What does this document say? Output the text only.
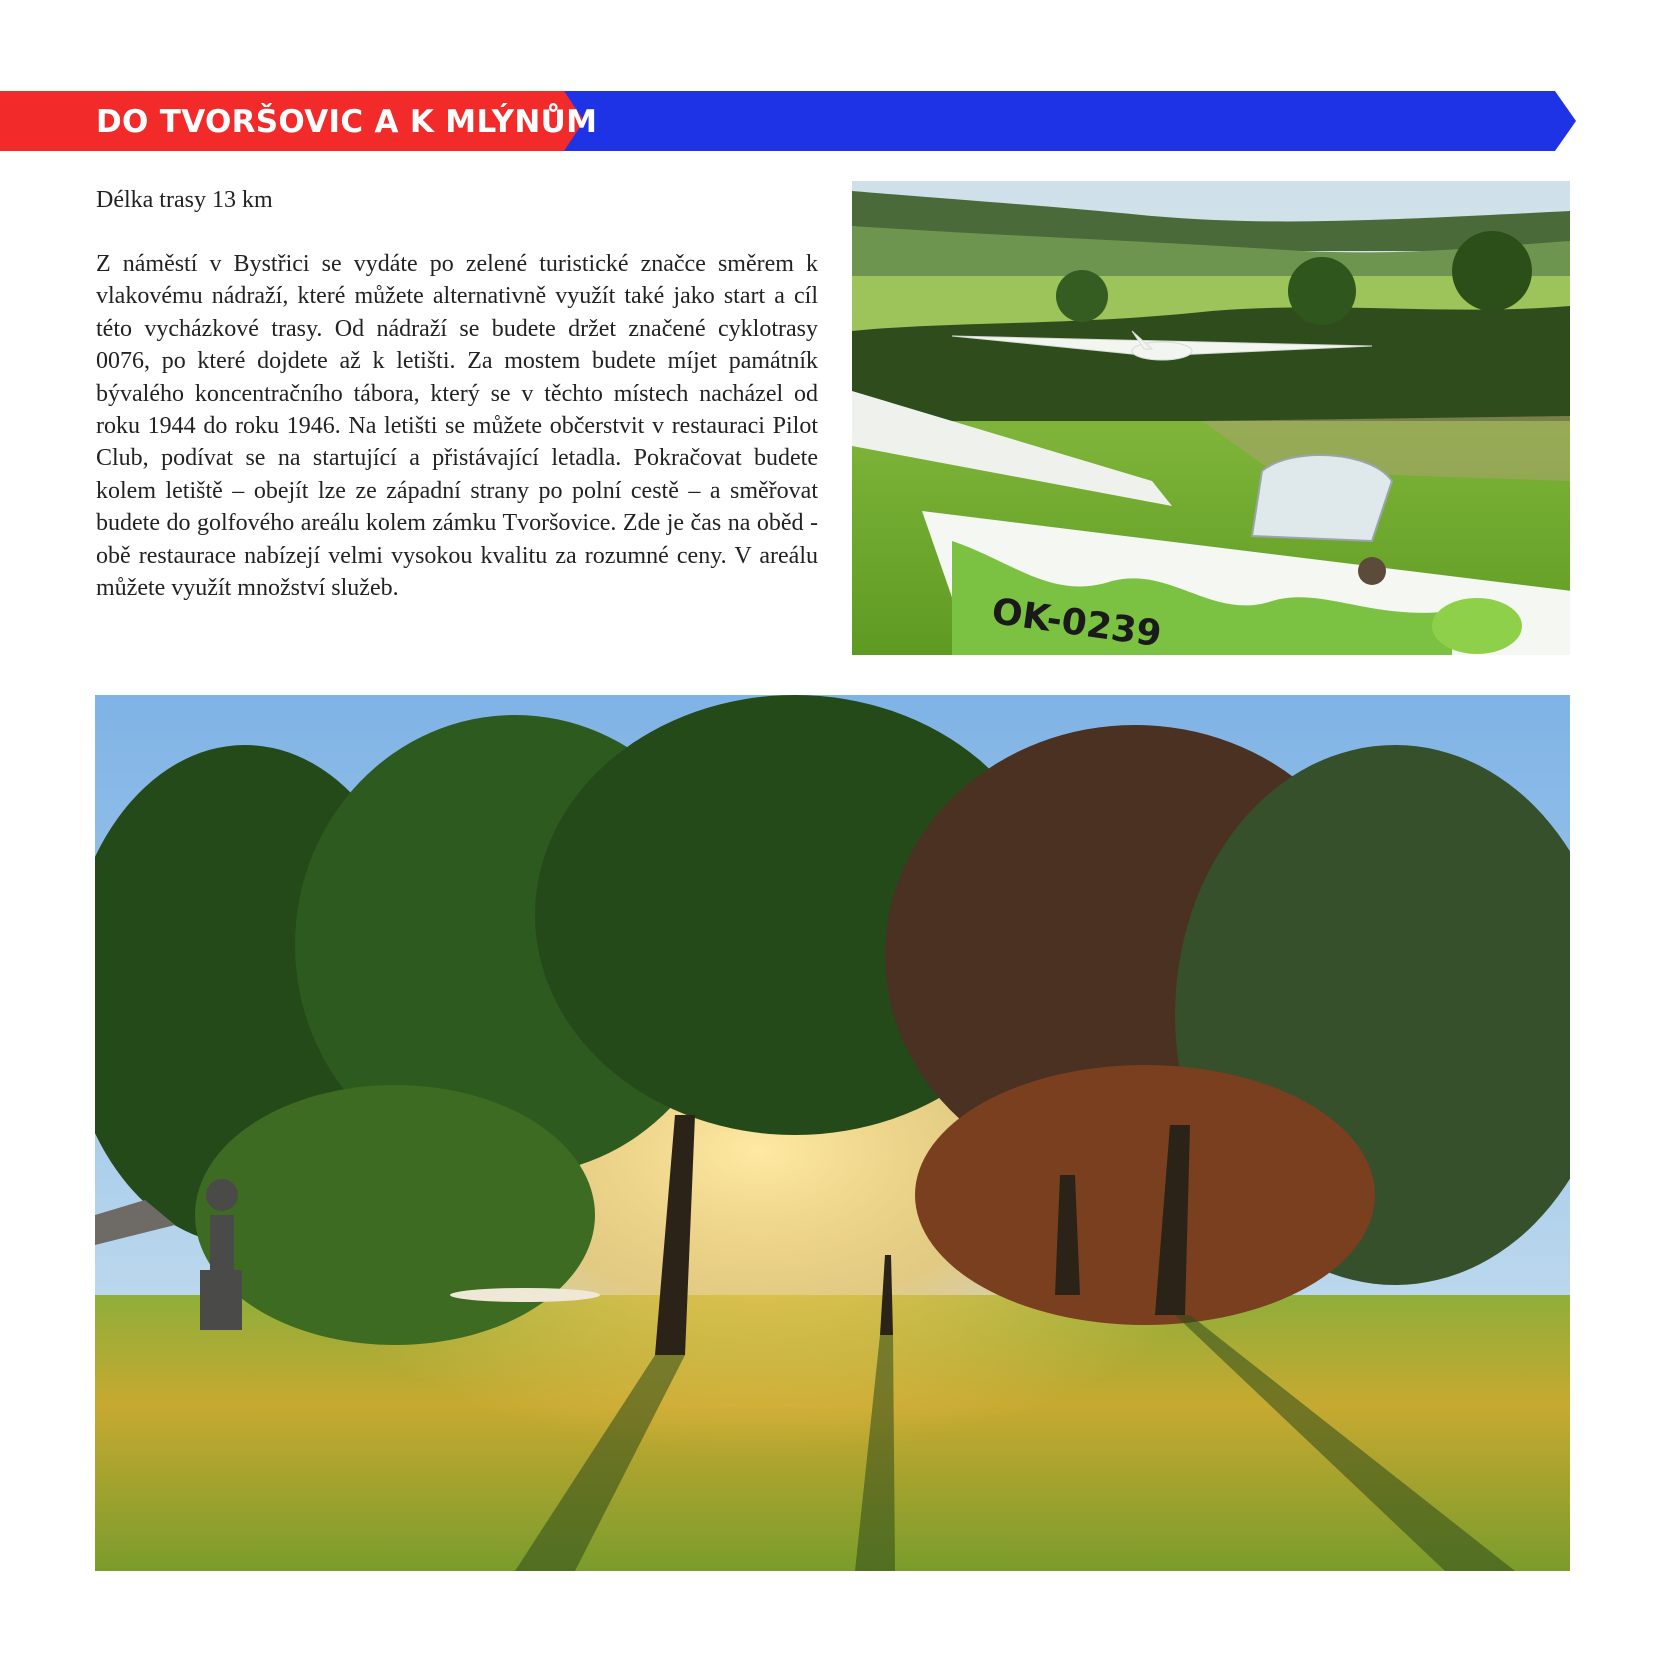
DO TVORŠOVIC A K MLÝNŮM

Délka trasy 13 km

Z náměstí v Bystřici se vydáte po zelené turistické značce směrem k vlakovému nádraží, které můžete alternativně využít také jako start a cíl této vycházkové trasy. Od nádraží se budete držet značené cyklotrasy 0076, po které dojdete až k letišti. Za mostem budete míjet památník bývalého koncentračního tábora, který se v těchto místech nacházel od roku 1944 do roku 1946. Na letišti se můžete občerstvit v restauraci Pilot Club, podívat se na startující a přistávající letadla. Pokračovat budete kolem letiště – obejít lze ze západní strany po polní cestě – a směřovat budete do golfového areálu kolem zámku Tvoršovice. Zde je čas na oběd - obě restaurace nabízejí velmi vysokou kvalitu za rozumné ceny. V areálu můžete využít množství služeb.

OK-0239
